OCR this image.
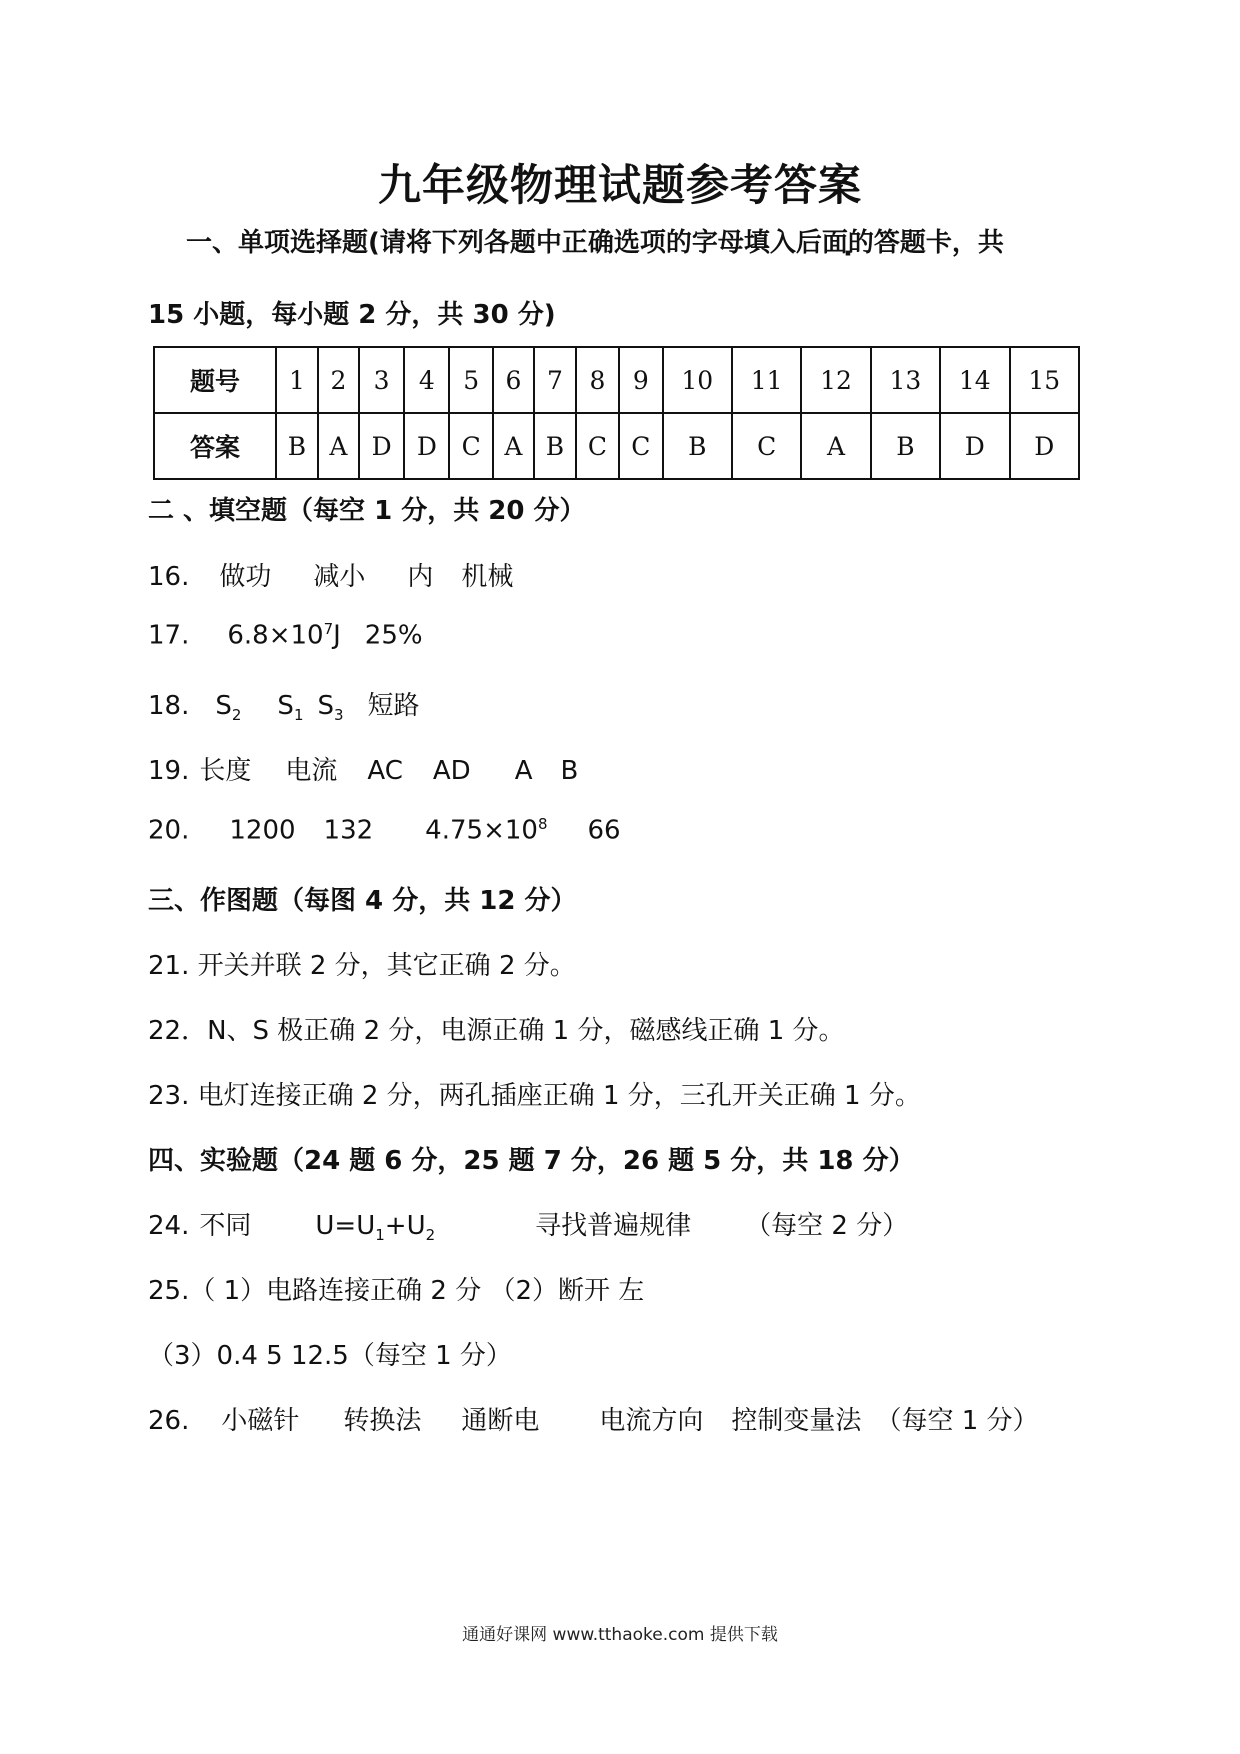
九年级物理试题参考答案
一、单项选择题(请将下列各题中正确选项的字母填入后面的答题卡 ·，共
15 小题，每小题 2 分，共 30 分)
题号	1	2	3	4	5	6	7	8	9	10	11	12	13	14	15
答案	B	A	D	D	C	A	B	C	C	B	C	A	B	D	D
二 、填空题（每空 1 分，共 20 分）
16. 做功 减小 内 机械
17. $6.8\times 10^7J$ 25%
18. $S_2$ $S_1$ $S_3$ 短路
19. 长度 电流 AC AD A B
20. 1200 132 $4.75\times 10^8$ 66
三、作图题（每图 4 分，共 12 分）
21. 开关并联 2 分，其它正确 2 分。
22．N、S 极正确 2 分，电源正确 1 分，磁感线正确 1 分。
23. 电灯连接正确 2 分，两孔插座正确 1 分，三孔开关正确 1 分。
四、实验题（24 题 6 分，25 题 7 分，26 题 5 分，共 18 分）
24. 不同 $U=U_1+U_2$	寻找普遍规律 （每空 2 分）
25.（ 1）电路连接正确 2 分 （2）断开 左
（3）0.4 5 12.5（每空 1 分）
26. 小磁针 转换法 通断电 电流方向 控制变量法 （每空 1 分）
通通好课网 www.tthaoke.com 提供下载
